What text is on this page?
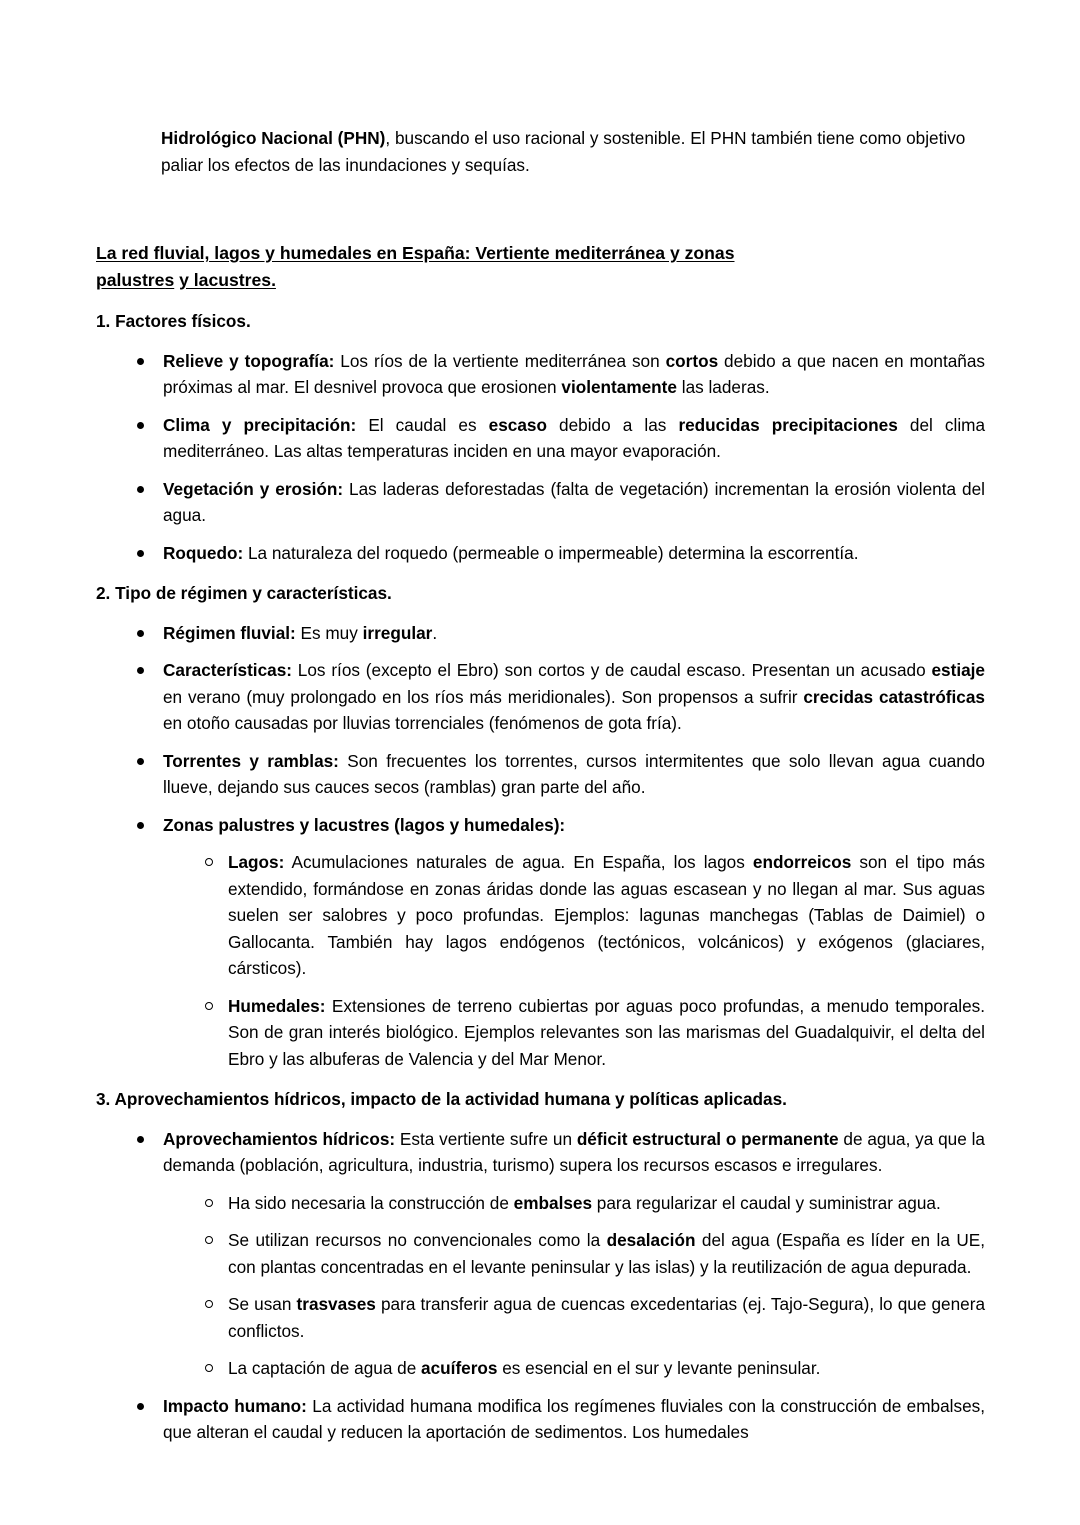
Hidrológico Nacional (PHN), buscando el uso racional y sostenible. El PHN también tiene como objetivo paliar los efectos de las inundaciones y sequías.

La red fluvial, lagos y humedales en España: Vertiente mediterránea y zonas
palustres y lacustres.
1. Factores físicos.
Relieve y topografía: Los ríos de la vertiente mediterránea son cortos debido a que nacen en montañas próximas al mar. El desnivel provoca que erosionen violentamente las laderas.
Clima y precipitación: El caudal es escaso debido a las reducidas precipitaciones del clima mediterráneo. Las altas temperaturas inciden en una mayor evaporación.
Vegetación y erosión: Las laderas deforestadas (falta de vegetación) incrementan la erosión violenta del agua.
Roquedo: La naturaleza del roquedo (permeable o impermeable) determina la escorrentía.
2. Tipo de régimen y características.
Régimen fluvial: Es muy irregular.
Características: Los ríos (excepto el Ebro) son cortos y de caudal escaso. Presentan un acusado estiaje en verano (muy prolongado en los ríos más meridionales). Son propensos a sufrir crecidas catastróficas en otoño causadas por lluvias torrenciales (fenómenos de gota fría).
Torrentes y ramblas: Son frecuentes los torrentes, cursos intermitentes que solo llevan agua cuando llueve, dejando sus cauces secos (ramblas) gran parte del año.
Zonas palustres y lacustres (lagos y humedales):
Lagos: Acumulaciones naturales de agua. En España, los lagos endorreicos son el tipo más extendido, formándose en zonas áridas donde las aguas escasean y no llegan al mar. Sus aguas suelen ser salobres y poco profundas. Ejemplos: lagunas manchegas (Tablas de Daimiel) o Gallocanta. También hay lagos endógenos (tectónicos, volcánicos) y exógenos (glaciares, cársticos).
Humedales: Extensiones de terreno cubiertas por aguas poco profundas, a menudo temporales. Son de gran interés biológico. Ejemplos relevantes son las marismas del Guadalquivir, el delta del Ebro y las albuferas de Valencia y del Mar Menor.
3. Aprovechamientos hídricos, impacto de la actividad humana y políticas aplicadas.
Aprovechamientos hídricos: Esta vertiente sufre un déficit estructural o permanente de agua, ya que la demanda (población, agricultura, industria, turismo) supera los recursos escasos e irregulares.
Ha sido necesaria la construcción de embalses para regularizar el caudal y suministrar agua.
Se utilizan recursos no convencionales como la desalación del agua (España es líder en la UE, con plantas concentradas en el levante peninsular y las islas) y la reutilización de agua depurada.
Se usan trasvases para transferir agua de cuencas excedentarias (ej. Tajo-Segura), lo que genera conflictos.
La captación de agua de acuíferos es esencial en el sur y levante peninsular.
Impacto humano: La actividad humana modifica los regímenes fluviales con la construcción de embalses, que alteran el caudal y reducen la aportación de sedimentos. Los humedales
